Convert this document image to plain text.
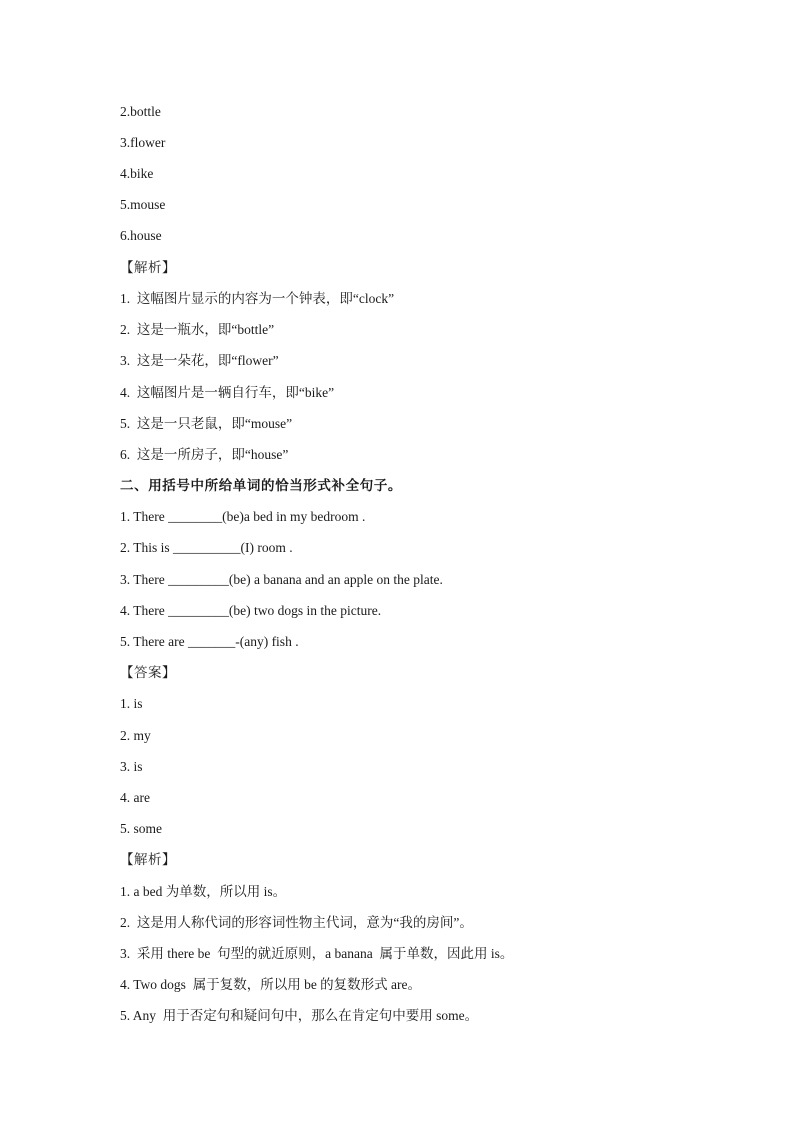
2.bottle
3.flower
4.bike
5.mouse
6.house
【解析】
1.  这幅图片显示的内容为一个钟表，即“clock”
2.  这是一瓶水，即“bottle”
3.  这是一朵花，即“flower”
4.  这幅图片是一辆自行车，即“bike”
5.  这是一只老鼠，即“mouse”
6.  这是一所房子，即“house”
二、用括号中所给单词的恰当形式补全句子。
1. There ________(be)a bed in my bedroom .
2. This is __________(I) room .
3. There _________(be) a banana and an apple on the plate.
4. There _________(be) two dogs in the picture.
5. There are _______-(any) fish .
【答案】
1. is
2. my
3. is
4. are
5. some
【解析】
1. a bed 为单数，所以用 is。
2.  这是用人称代词的形容词性物主代词，意为“我的房间”。
3.  采用 there be  句型的就近原则，a banana  属于单数，因此用 is。
4. Two dogs  属于复数，所以用 be 的复数形式 are。
5. Any  用于否定句和疑问句中，那么在肯定句中要用 some。
